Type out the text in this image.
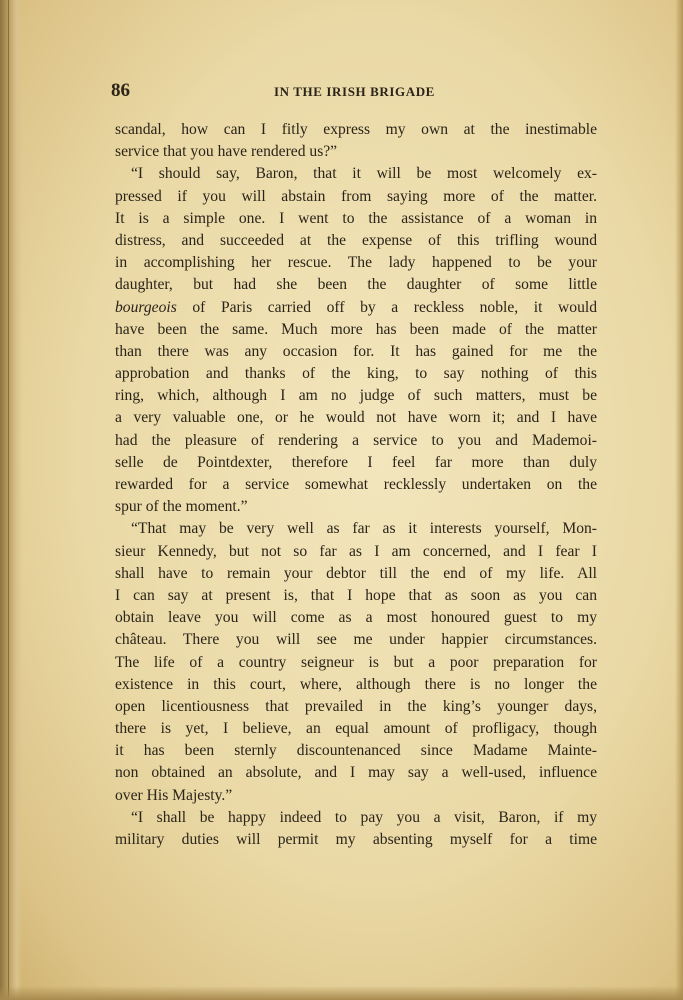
86	IN THE IRISH BRIGADE
scandal, how can I fitly express my own at the inestimable
service that you have rendered us?”
“I should say, Baron, that it will be most welcomely ex-
pressed if you will abstain from saying more of the matter.
It is a simple one. I went to the assistance of a woman in
distress, and succeeded at the expense of this trifling wound
in accomplishing her rescue. The lady happened to be your
daughter, but had she been the daughter of some little
bourgeois of Paris carried off by a reckless noble, it would
have been the same. Much more has been made of the matter
than there was any occasion for. It has gained for me the
approbation and thanks of the king, to say nothing of this
ring, which, although I am no judge of such matters, must be
a very valuable one, or he would not have worn it; and I have
had the pleasure of rendering a service to you and Mademoi-
selle de Pointdexter, therefore I feel far more than duly
rewarded for a service somewhat recklessly undertaken on the
spur of the moment.”
“That may be very well as far as it interests yourself, Mon-
sieur Kennedy, but not so far as I am concerned, and I fear I
shall have to remain your debtor till the end of my life. All
I can say at present is, that I hope that as soon as you can
obtain leave you will come as a most honoured guest to my
château. There you will see me under happier circumstances.
The life of a country seigneur is but a poor preparation for
existence in this court, where, although there is no longer the
open licentiousness that prevailed in the king’s younger days,
there is yet, I believe, an equal amount of profligacy, though
it has been sternly discountenanced since Madame Mainte-
non obtained an absolute, and I may say a well-used, influence
over His Majesty.”
“I shall be happy indeed to pay you a visit, Baron, if my
military duties will permit my absenting myself for a time
